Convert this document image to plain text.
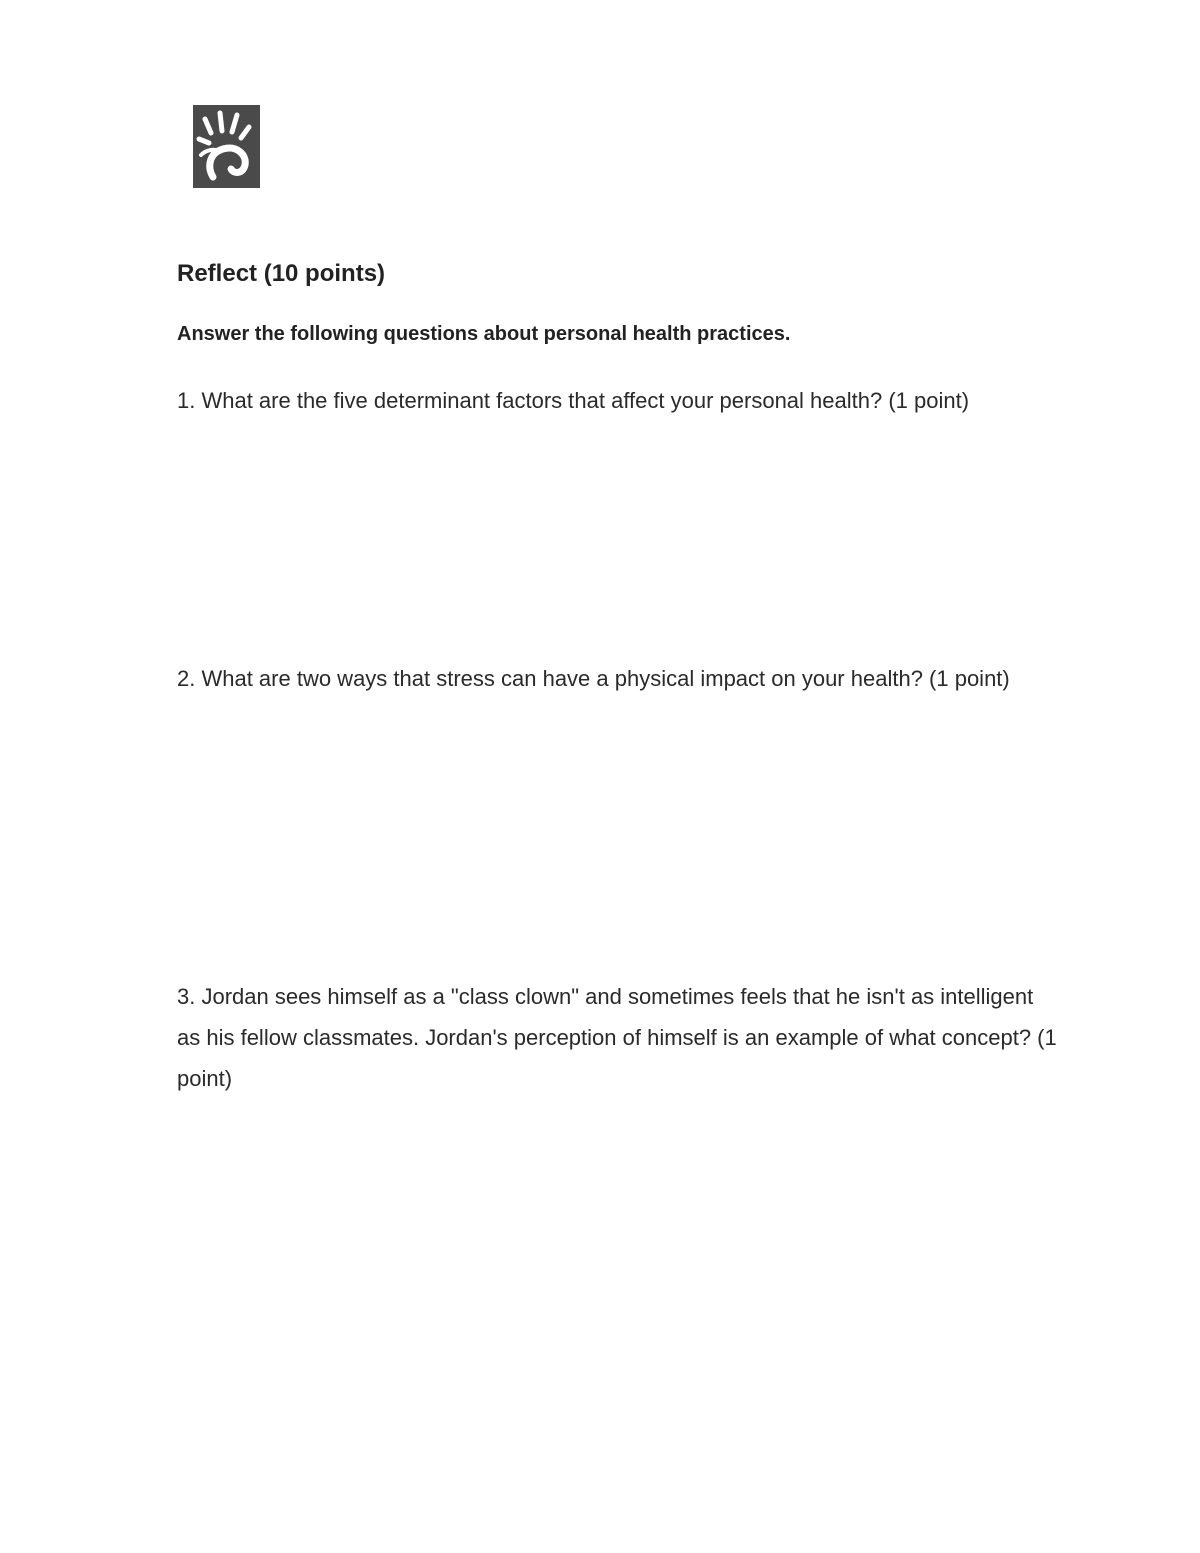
Reflect (10 points)
Answer the following questions about personal health practices.
1. What are the five determinant factors that affect your personal health? (1 point)
2. What are two ways that stress can have a physical impact on your health? (1 point)
3. Jordan sees himself as a "class clown" and sometimes feels that he isn't as intelligent as his fellow classmates. Jordan's perception of himself is an example of what concept? (1 point)
